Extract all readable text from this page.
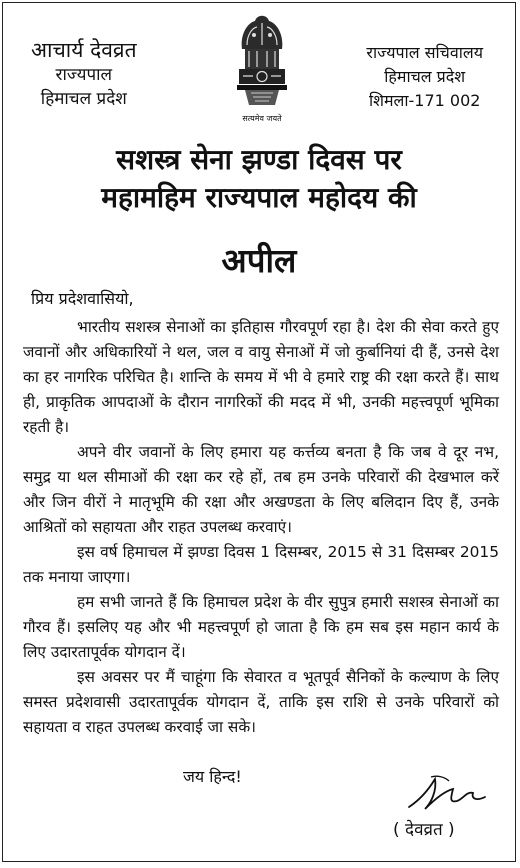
आचार्य देवव्रत
राज्यपाल
हिमाचल प्रदेश
सत्यमेव जयते
राज्यपाल सचिवालय
हिमाचल प्रदेश
शिमला-171 002
सशस्त्र सेना झण्डा दिवस पर
महामहिम राज्यपाल महोदय की
अपील
प्रिय प्रदेशवासियो,

भारतीय सशस्त्र सेनाओं का इतिहास गौरवपूर्ण रहा है। देश की सेवा करते हुए जवानों और अधिकारियों ने थल, जल व वायु सेनाओं में जो कुर्बानियां दी हैं, उनसे देश का हर नागरिक परिचित है। शान्ति के समय में भी वे हमारे राष्ट्र की रक्षा करते हैं। साथ ही, प्राकृतिक आपदाओं के दौरान नागरिकों की मदद में भी, उनकी महत्त्वपूर्ण भूमिका रहती है।

अपने वीर जवानों के लिए हमारा यह कर्त्तव्य बनता है कि जब वे दूर नभ, समुद्र या थल सीमाओं की रक्षा कर रहे हों, तब हम उनके परिवारों की देखभाल करें और जिन वीरों ने मातृभूमि की रक्षा और अखण्डता के लिए बलिदान दिए हैं, उनके आश्रितों को सहायता और राहत उपलब्ध करवाएं।

इस वर्ष हिमाचल में झण्डा दिवस 1 दिसम्बर, 2015 से 31 दिसम्बर 2015 तक मनाया जाएगा।

हम सभी जानते हैं कि हिमाचल प्रदेश के वीर सुपुत्र हमारी सशस्त्र सेनाओं का गौरव हैं। इसलिए यह और भी महत्त्वपूर्ण हो जाता है कि हम सब इस महान कार्य के लिए उदारतापूर्वक योगदान दें।

इस अवसर पर मैं चाहूंगा कि सेवारत व भूतपूर्व सैनिकों के कल्याण के लिए समस्त प्रदेशवासी उदारतापूर्वक योगदान दें, ताकि इस राशि से उनके परिवारों को सहायता व राहत उपलब्ध करवाई जा सके।

जय हिन्द!
( देवव्रत )
